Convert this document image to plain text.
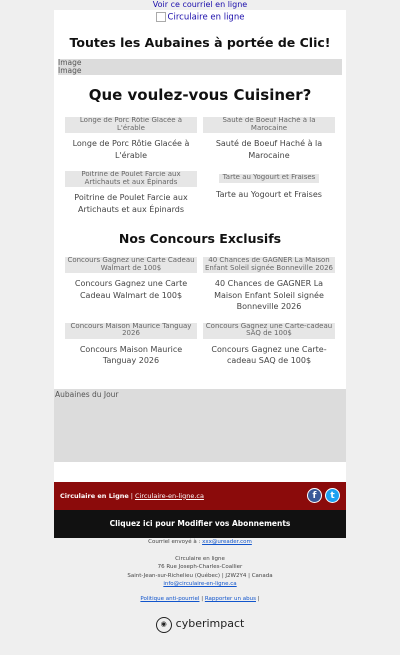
Voir ce courriel en ligne
Circulaire en ligne
Toutes les Aubaines à portée de Clic!
Image
Image
Que voulez-vous Cuisiner?
Longe de Porc Rôtie Glacée à L'érable
Longe de Porc Rôtie Glacée à L'érable
Sauté de Boeuf Haché à la Marocaine
Sauté de Boeuf Haché à la Marocaine
Poitrine de Poulet Farcie aux Artichauts et aux Épinards
Poitrine de Poulet Farcie aux Artichauts et aux Épinards
Tarte au Yogourt et Fraises
Tarte au Yogourt et Fraises
Nos Concours Exclusifs
Concours Gagnez une Carte Cadeau Walmart de 100$
Concours Gagnez une Carte Cadeau Walmart de 100$
40 Chances de GAGNER La Maison Enfant Soleil signée Bonneville 2026
40 Chances de GAGNER La Maison Enfant Soleil signée Bonneville 2026
Concours Maison Maurice Tanguay 2026
Concours Maison Maurice Tanguay 2026
Concours Gagnez une Carte-cadeau SAQ de 100$
Concours Gagnez une Carte-cadeau SAQ de 100$
Aubaines du Jour
Circulaire en Ligne | Circulaire-en-ligne.ca	f	t
Cliquez ici pour Modifier vos Abonnements
Courriel envoyé à : xxx@ureader.com
Circulaire en ligne
76 Rue Joseph-Charles-Coallier
Saint-Jean-sur-Richelieu (Québec) | J2W2Y4 | Canada
info@circulaire-en-ligne.ca
Politique anti-pourriel | Rapporter un abus |
◉ cyberimpact
